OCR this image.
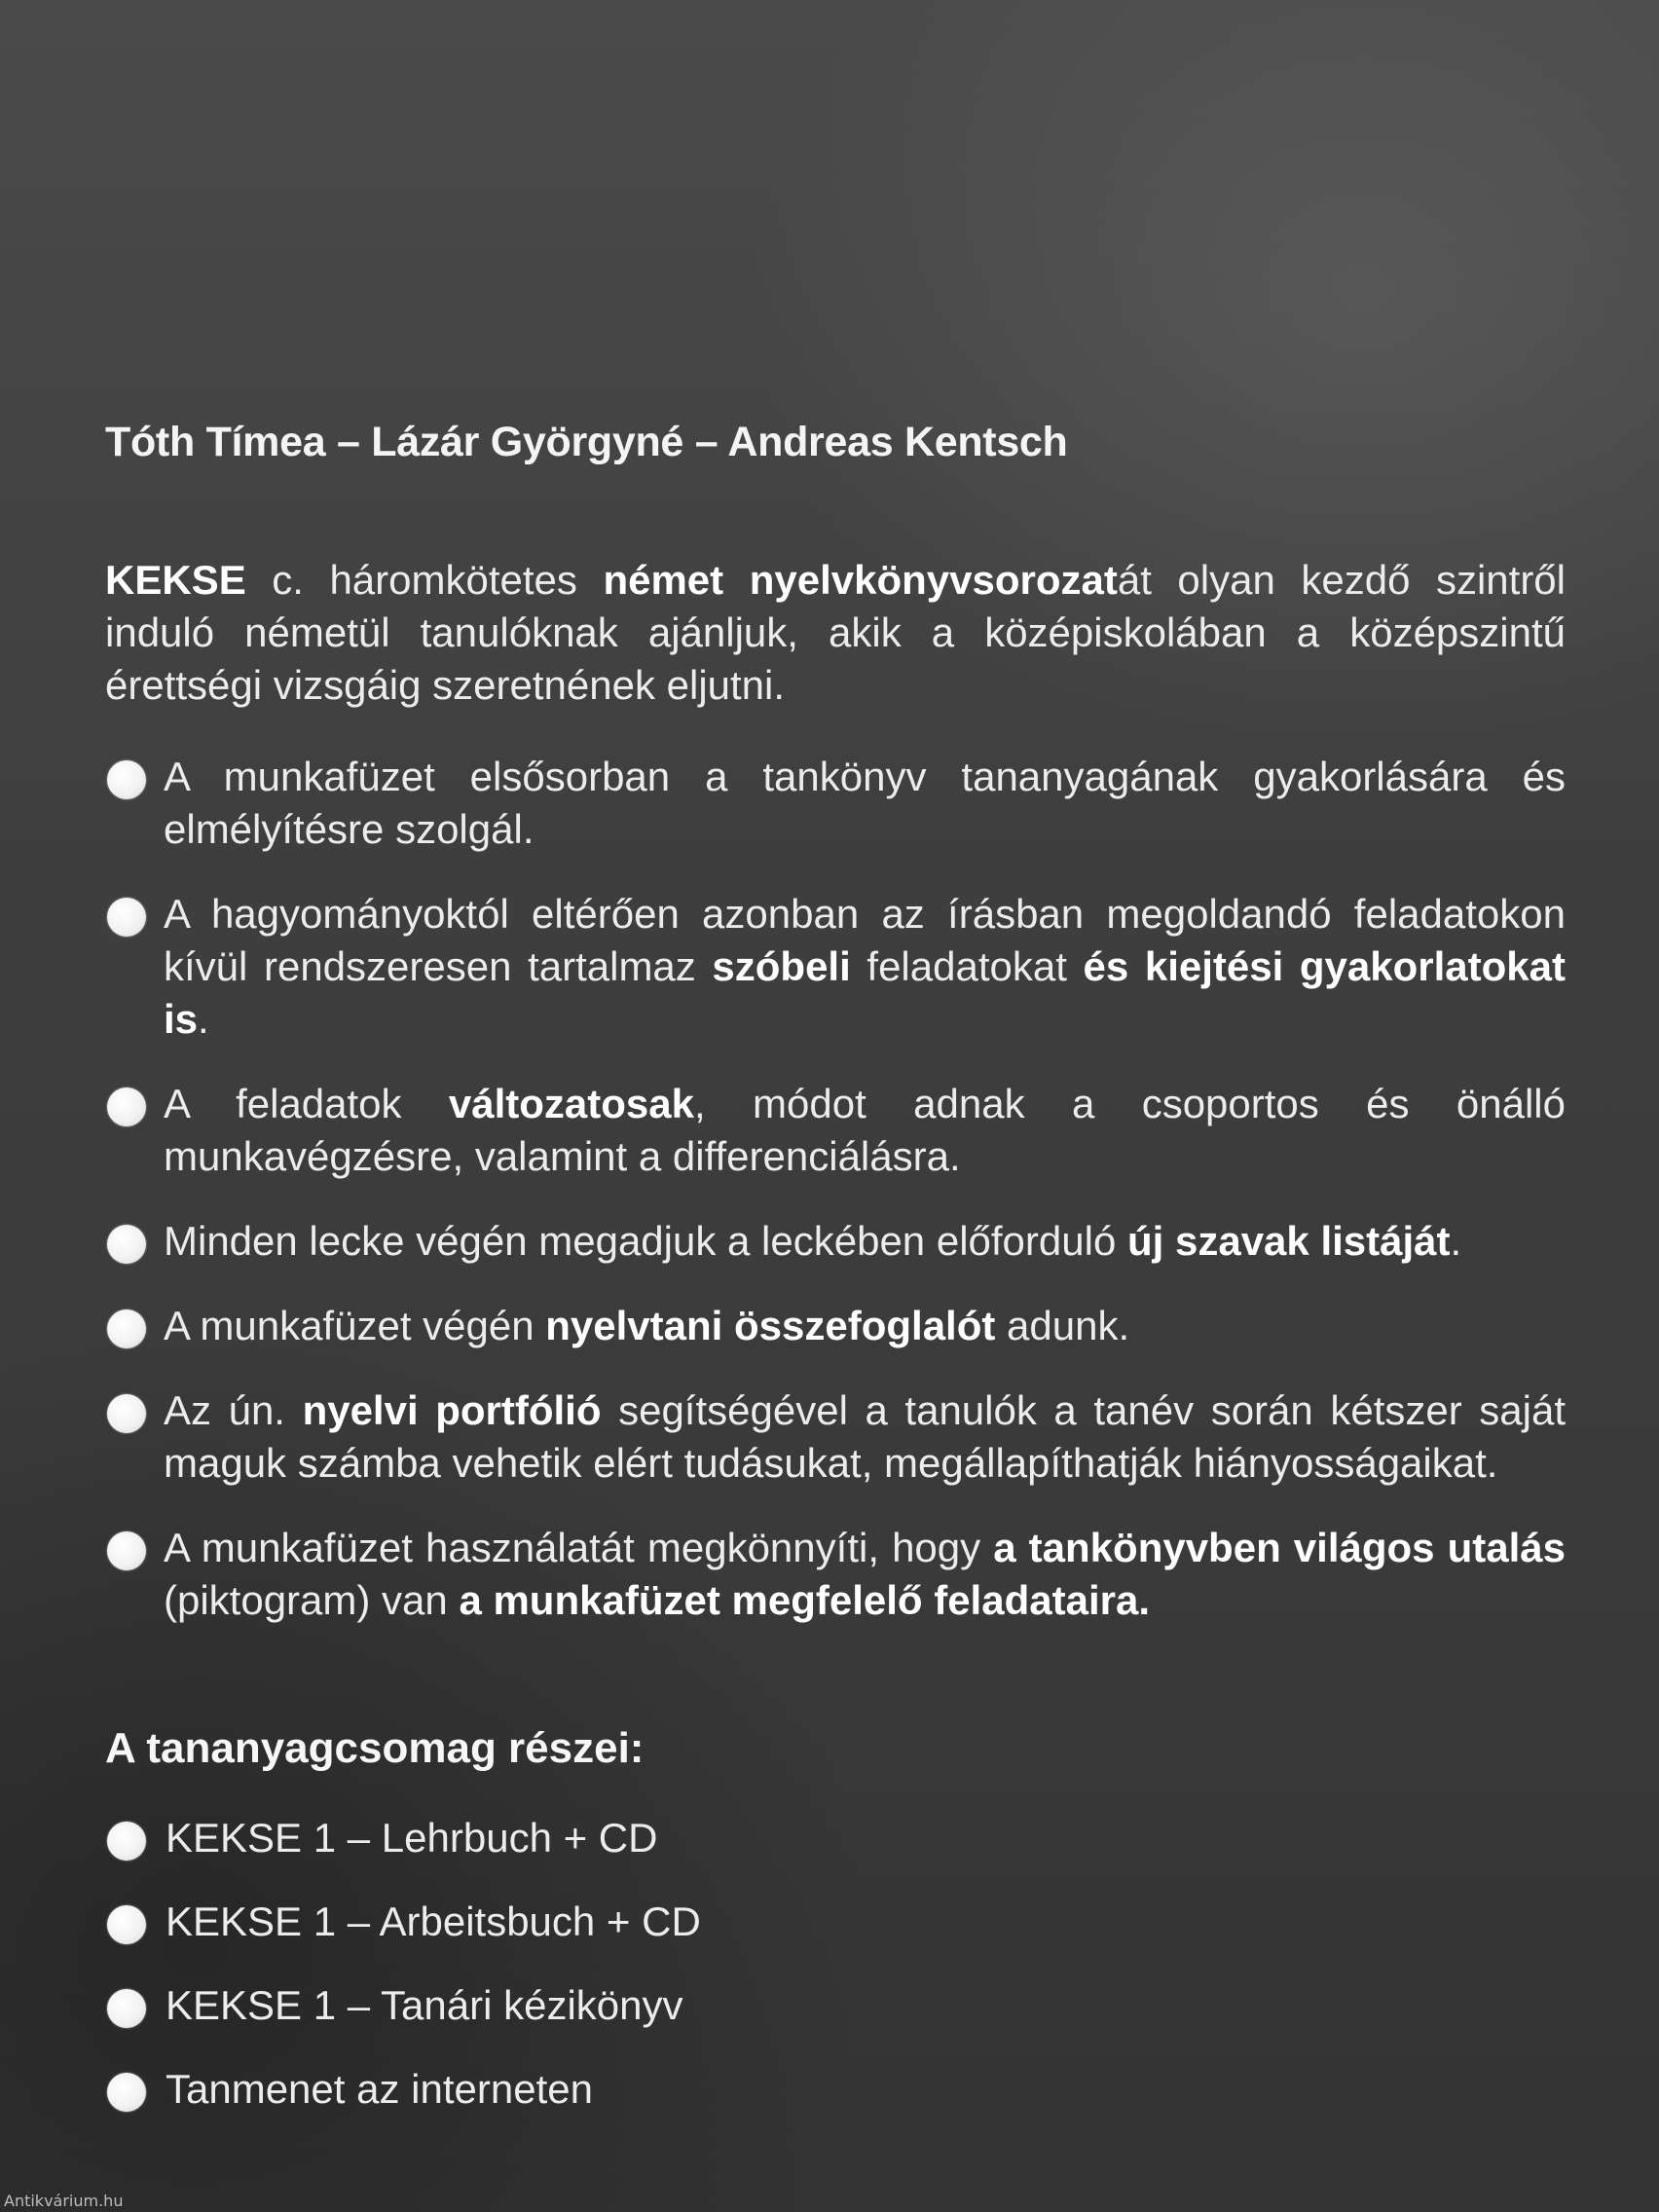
Tóth Tímea – Lázár Györgyné – Andreas Kentsch

KEKSE c. háromkötetes német nyelvkönyvsorozatát olyan kezdő szintről induló németül tanulóknak ajánljuk, akik a középiskolában a középszintű érettségi vizsgáig szeretnének eljutni.

A munkafüzet elsősorban a tankönyv tananyagának gyakorlására és elmélyítésre szolgál.
A hagyományoktól eltérően azonban az írásban megoldandó feladatokon kívül rendszeresen tartalmaz szóbeli feladatokat és kiejtési gyakorlatokat is.
A feladatok változatosak, módot adnak a csoportos és önálló munkavégzésre, valamint a differenciálásra.
Minden lecke végén megadjuk a leckében előforduló új szavak listáját.
A munkafüzet végén nyelvtani összefoglalót adunk.
Az ún. nyelvi portfólió segítségével a tanulók a tanév során kétszer saját maguk számba vehetik elért tudásukat, megállapíthatják hiányosságaikat.
A munkafüzet használatát megkönnyíti, hogy a tankönyvben világos utalás (piktogram) van a munkafüzet megfelelő feladataira.
A tananyagcsomag részei:
KEKSE 1 – Lehrbuch + CD
KEKSE 1 – Arbeitsbuch + CD
KEKSE 1 – Tanári kézikönyv
Tanmenet az interneten
Antikvárium.hu
